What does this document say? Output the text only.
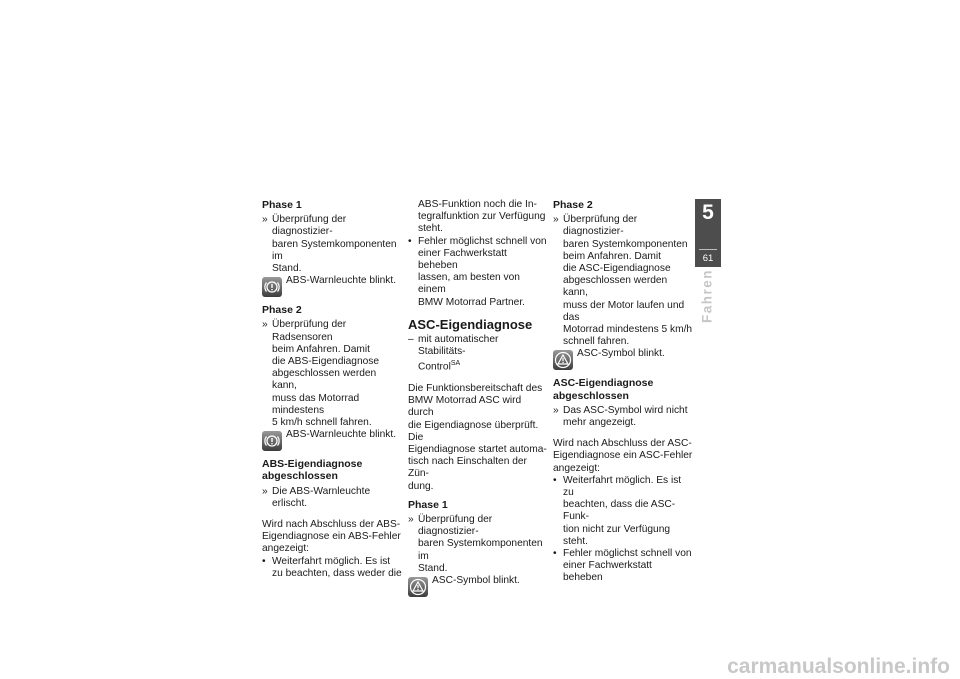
Phase 1
» Überprüfung der diagnostizier-
baren Systemkomponenten im
Stand.
ABS-Warnleuchte blinkt.
Phase 2
» Überprüfung der Radsensoren
beim Anfahren. Damit
die ABS-Eigendiagnose
abgeschlossen werden kann,
muss das Motorrad mindestens
5 km/h schnell fahren.
ABS-Warnleuchte blinkt.
ABS-Eigendiagnose
abgeschlossen
» Die ABS-Warnleuchte erlischt.
Wird nach Abschluss der ABS-
Eigendiagnose ein ABS-Fehler
angezeigt:
• Weiterfahrt möglich. Es ist
zu beachten, dass weder die
ABS-Funktion noch die In-
tegralfunktion zur Verfügung
steht.
• Fehler möglichst schnell von
einer Fachwerkstatt beheben
lassen, am besten von einem
BMW Motorrad Partner.
ASC-Eigendiagnose
– mit automatischer Stabilitäts-
Control$^{SA}$
Die Funktionsbereitschaft des
BMW Motorrad ASC wird durch
die Eigendiagnose überprüft. Die
Eigendiagnose startet automa-
tisch nach Einschalten der Zün-
dung.
Phase 1
» Überprüfung der diagnostizier-
baren Systemkomponenten im
Stand.
ASC-Symbol blinkt.
Phase 2
» Überprüfung der diagnostizier-
baren Systemkomponenten
beim Anfahren. Damit
die ASC-Eigendiagnose
abgeschlossen werden kann,
muss der Motor laufen und das
Motorrad mindestens 5 km/h
schnell fahren.
ASC-Symbol blinkt.
ASC-Eigendiagnose
abgeschlossen
» Das ASC-Symbol wird nicht
mehr angezeigt.
Wird nach Abschluss der ASC-
Eigendiagnose ein ASC-Fehler
angezeigt:
• Weiterfahrt möglich. Es ist zu
beachten, dass die ASC-Funk-
tion nicht zur Verfügung steht.
• Fehler möglichst schnell von
einer Fachwerkstatt beheben
5
61
Fahren
carmanualsonline.info
